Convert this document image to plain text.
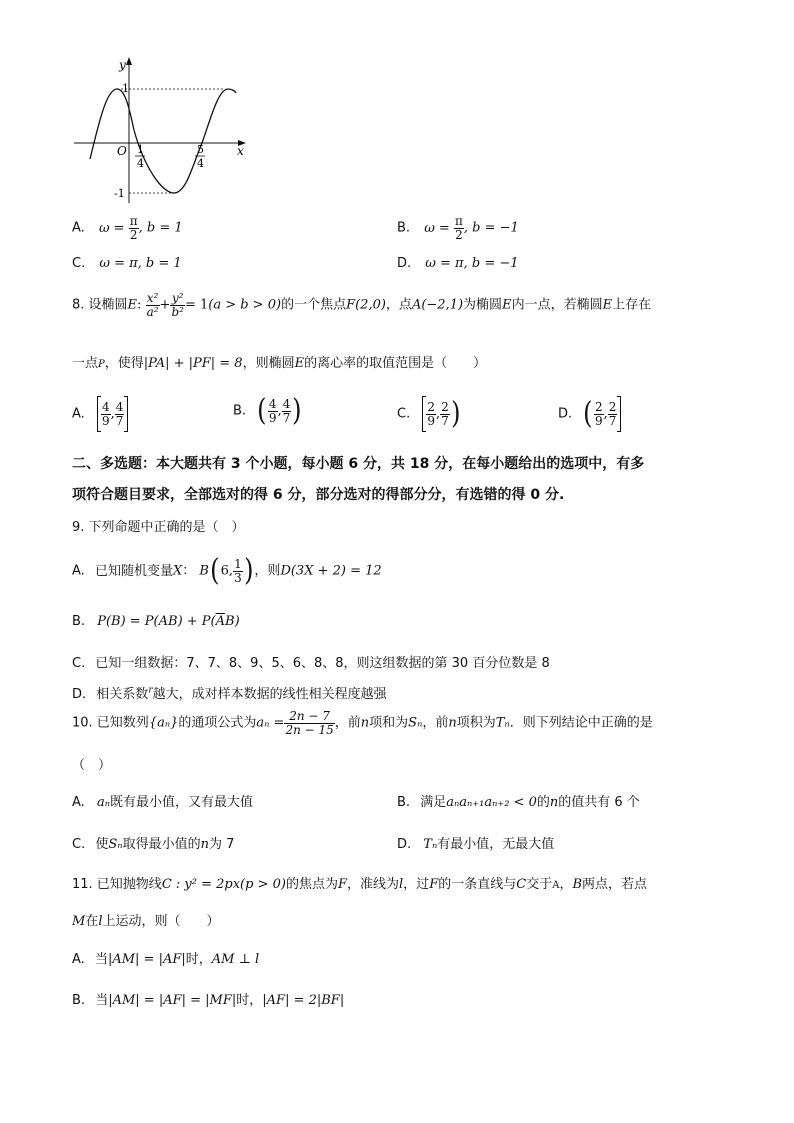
y
x
O
1
-1
1
4
5
4
A. $\omega = \frac{\pi}{2}$ , b = 1	B. $\omega = \frac{\pi}{2}$ , b = −1
C. ω = π, b = 1	D. ω = π, b = −1
8. 设椭圆E: $\frac{\text{x²}}{\text{a²}} + \frac{\text{y²}}{\text{b²}} = 1(a > b > 0)$的一个焦点F(2,0)，点A(−2,1)为椭圆E内一点，若椭圆E上存在
一点P，使得|PA| + |PF| = 8，则椭圆E的离心率的取值范围是（　　）
A. $\frac{4}{9}$ , $\frac{4}{7}$	B. ( $\frac{4}{9}$ , $\frac{4}{7}$ )	C. $\frac{2}{9}$ , $\frac{2}{7}$ )	D. ( $\frac{2}{9}$ , $\frac{2}{7}$
二、多选题：本大题共有 3 个小题，每小题 6 分，共 18 分，在每小题给出的选项中，有多
项符合题目要求，全部选对的得 6 分，部分选对的得部分分，有选错的得 0 分.
9. 下列命题中正确的是（　）
A. 已知随机变量X： B(6, $\frac{1}{3}$ )，则D(3X + 2) = 12
B. $P(B) = P(AB) + P(\overline{A}B)$
C. 已知一组数据：7、7、8、9、5、6、8、8，则这组数据的第 30 百分位数是 8
D. 相关系数$^r$越大，成对样本数据的线性相关程度越强
10. 已知数列{aₙ}的通项公式为$a_n = \frac{2n - 7}{2n - 15}$ ，前n项和为Sₙ，前n项积为Tₙ．则下列结论中正确的是
（　）
A. aₙ既有最小值，又有最大值	B. 满足aₙaₙ₊₁aₙ₊₂ < 0的n的值共有 6 个
C. 使Sₙ取得最小值的n为 7	D. Tₙ有最小值，无最大值
11. 已知抛物线C : y² = 2px(p > 0)的焦点为F，准线为l，过F的一条直线与C交于A，B两点，若点
M在l上运动，则（　　）
A. 当|AM| = |AF|时，AM ⊥ l
B. 当|AM| = |AF| = |MF|时，|AF| = 2|BF|
